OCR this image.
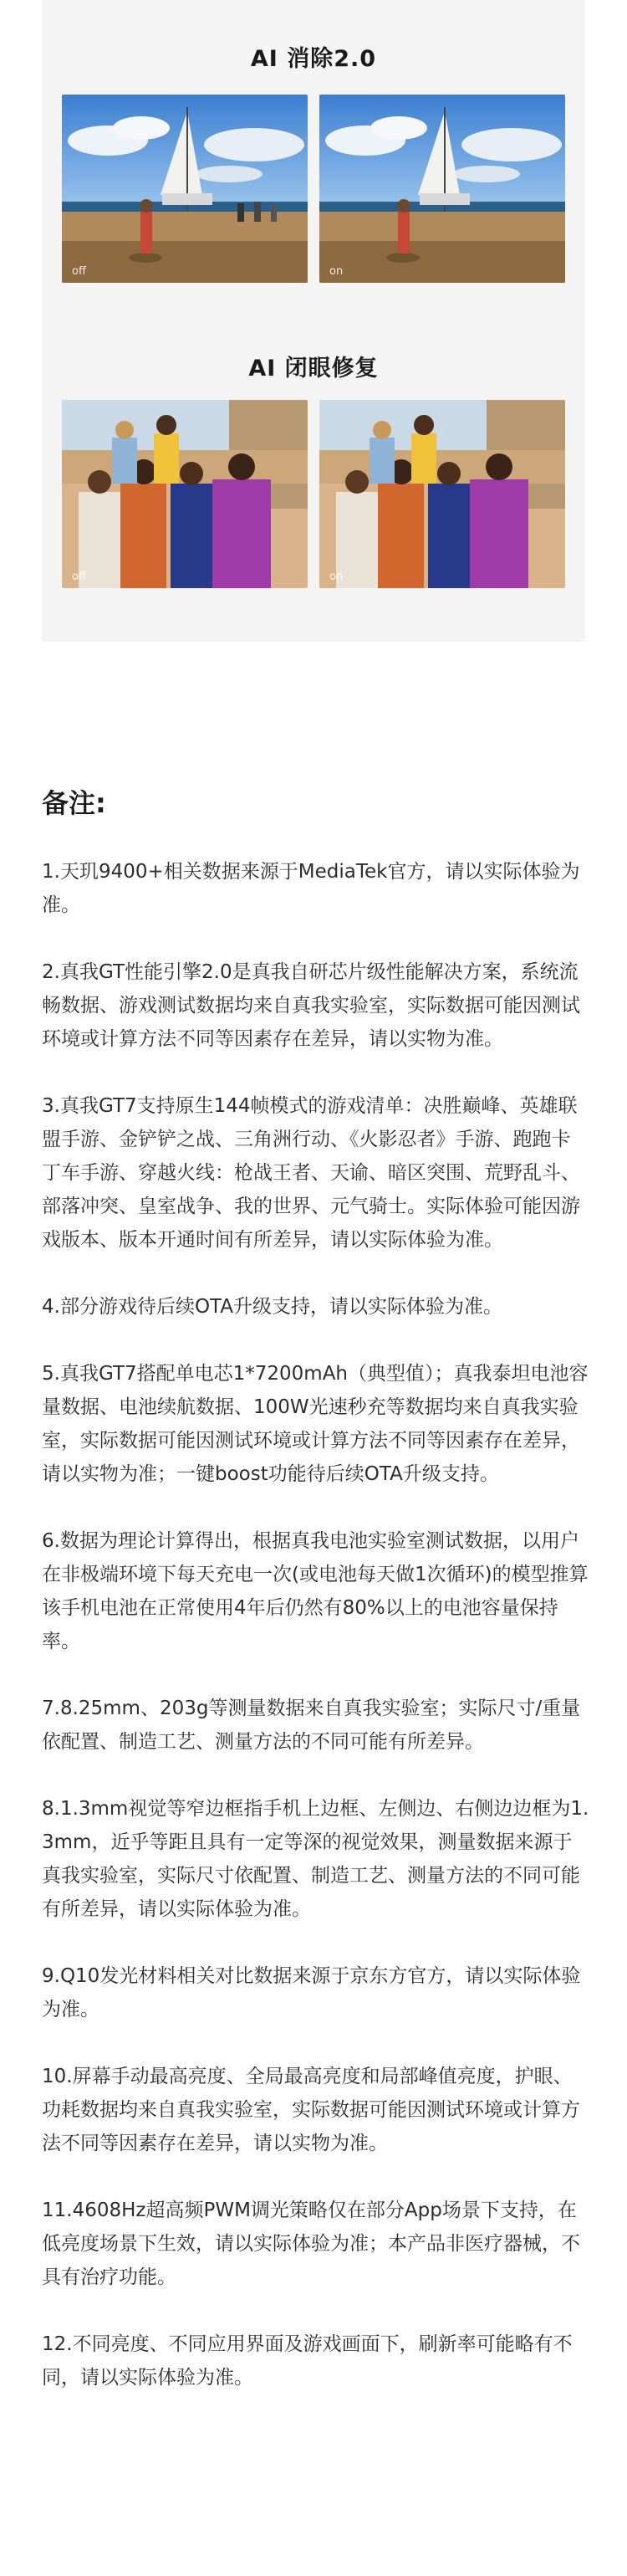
AI 消除2.0
off	on
AI 闭眼修复
off	on
备注:

1.天玑9400+相关数据来源于MediaTek官方，请以实际体验为准。

2.真我GT性能引擎2.0是真我自研芯片级性能解决方案，系统流畅数据、游戏测试数据均来自真我实验室，实际数据可能因测试环境或计算方法不同等因素存在差异，请以实物为准。

3.真我GT7支持原生144帧模式的游戏清单：决胜巅峰、英雄联盟手游、金铲铲之战、三角洲行动、《火影忍者》手游、跑跑卡丁车手游、穿越火线：枪战王者、天谕、暗区突围、荒野乱斗、部落冲突、皇室战争、我的世界、元气骑士。实际体验可能因游戏版本、版本开通时间有所差异，请以实际体验为准。

4.部分游戏待后续OTA升级支持，请以实际体验为准。

5.真我GT7搭配单电芯1*7200mAh（典型值）；真我泰坦电池容量数据、电池续航数据、100W光速秒充等数据均来自真我实验室，实际数据可能因测试环境或计算方法不同等因素存在差异，请以实物为准；一键boost功能待后续OTA升级支持。

6.数据为理论计算得出，根据真我电池实验室测试数据，以用户在非极端环境下每天充电一次(或电池每天做1次循环)的模型推算该手机电池在正常使用4年后仍然有80%以上的电池容量保持率。

7.8.25mm、203g等测量数据来自真我实验室；实际尺寸/重量依配置、制造工艺、测量方法的不同可能有所差异。

8.1.3mm视觉等窄边框指手机上边框、左侧边、右侧边边框为1.3mm，近乎等距且具有一定等深的视觉效果，测量数据来源于真我实验室，实际尺寸依配置、制造工艺、测量方法的不同可能有所差异，请以实际体验为准。

9.Q10发光材料相关对比数据来源于京东方官方，请以实际体验为准。

10.屏幕手动最高亮度、全局最高亮度和局部峰值亮度，护眼、功耗数据均来自真我实验室，实际数据可能因测试环境或计算方法不同等因素存在差异，请以实物为准。

11.4608Hz超高频PWM调光策略仅在部分App场景下支持，在低亮度场景下生效，请以实际体验为准；本产品非医疗器械，不具有治疗功能。

12.不同亮度、不同应用界面及游戏画面下，刷新率可能略有不同，请以实际体验为准。
